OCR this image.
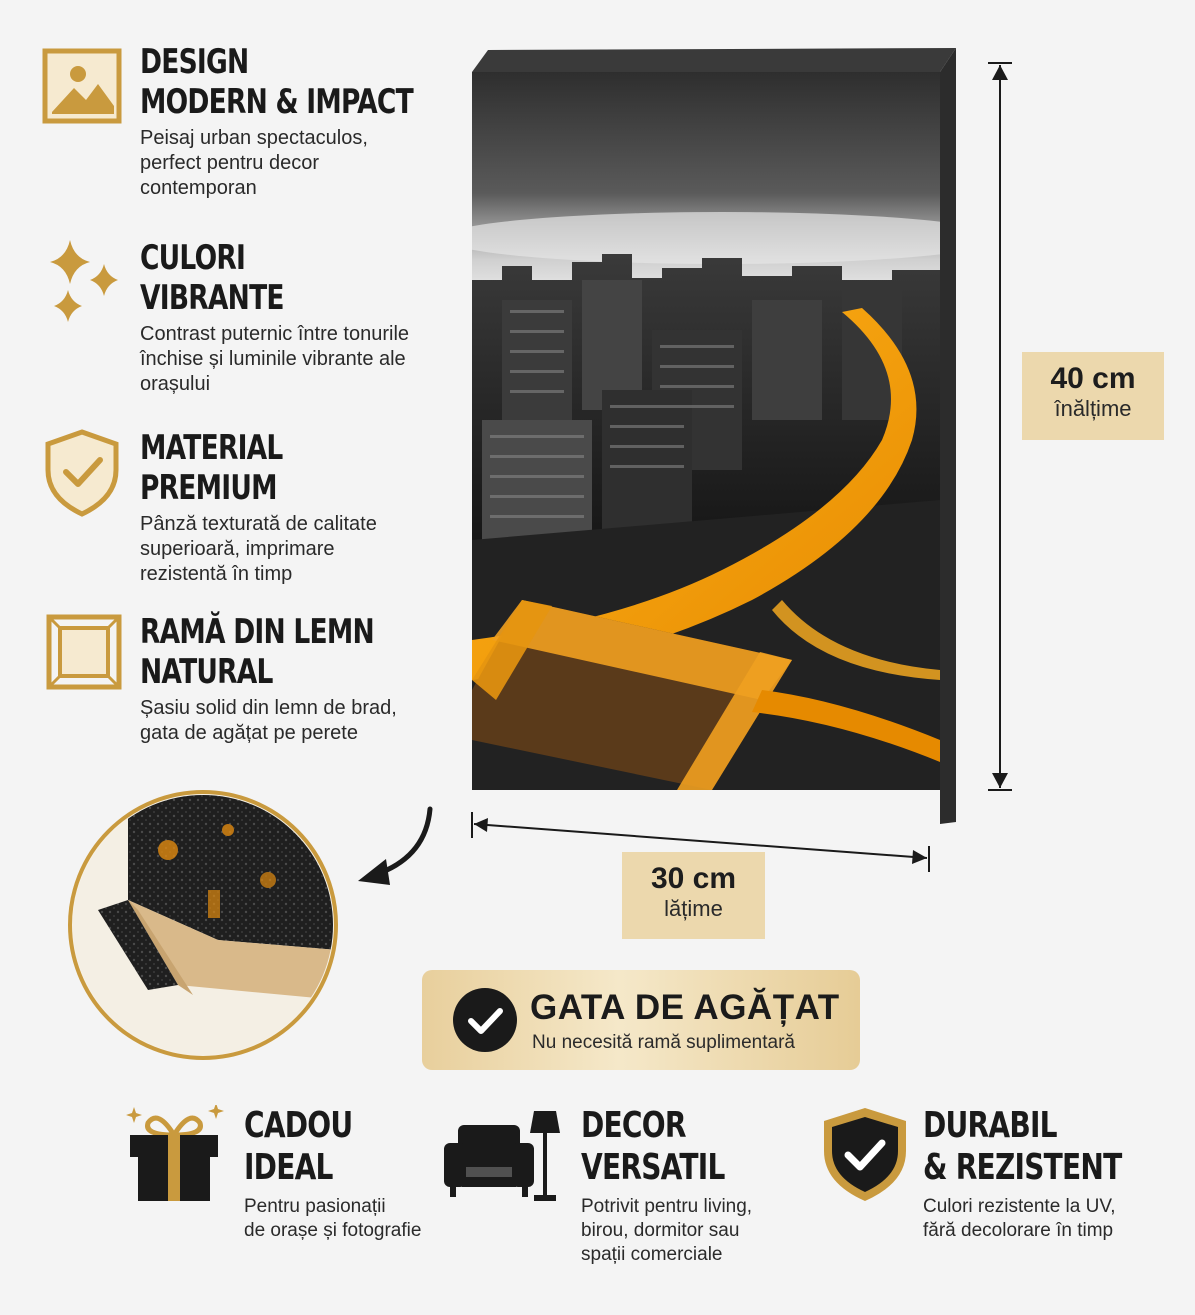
DESIGN
MODERN & IMPACT
Peisaj urban spectaculos, perfect pentru decor contemporan
CULORI
VIBRANTE
Contrast puternic între tonurile închise și luminile vibrante ale orașului
MATERIAL
PREMIUM
Pânză texturată de calitate superioară, imprimare rezistentă în timp
RAMĂ DIN LEMN
NATURAL
Șasiu solid din lemn de brad, gata de agățat pe perete
40 cm
înălțime
30 cm
lățime
GATA DE AGĂȚAT
Nu necesită ramă suplimentară
CADOU
IDEAL
Pentru pasionații
de orașe și fotografie
DECOR
VERSATIL
Potrivit pentru living,
birou, dormitor sau
spații comerciale
DURABIL
& REZISTENT
Culori rezistente la UV,
fără decolorare în timp
